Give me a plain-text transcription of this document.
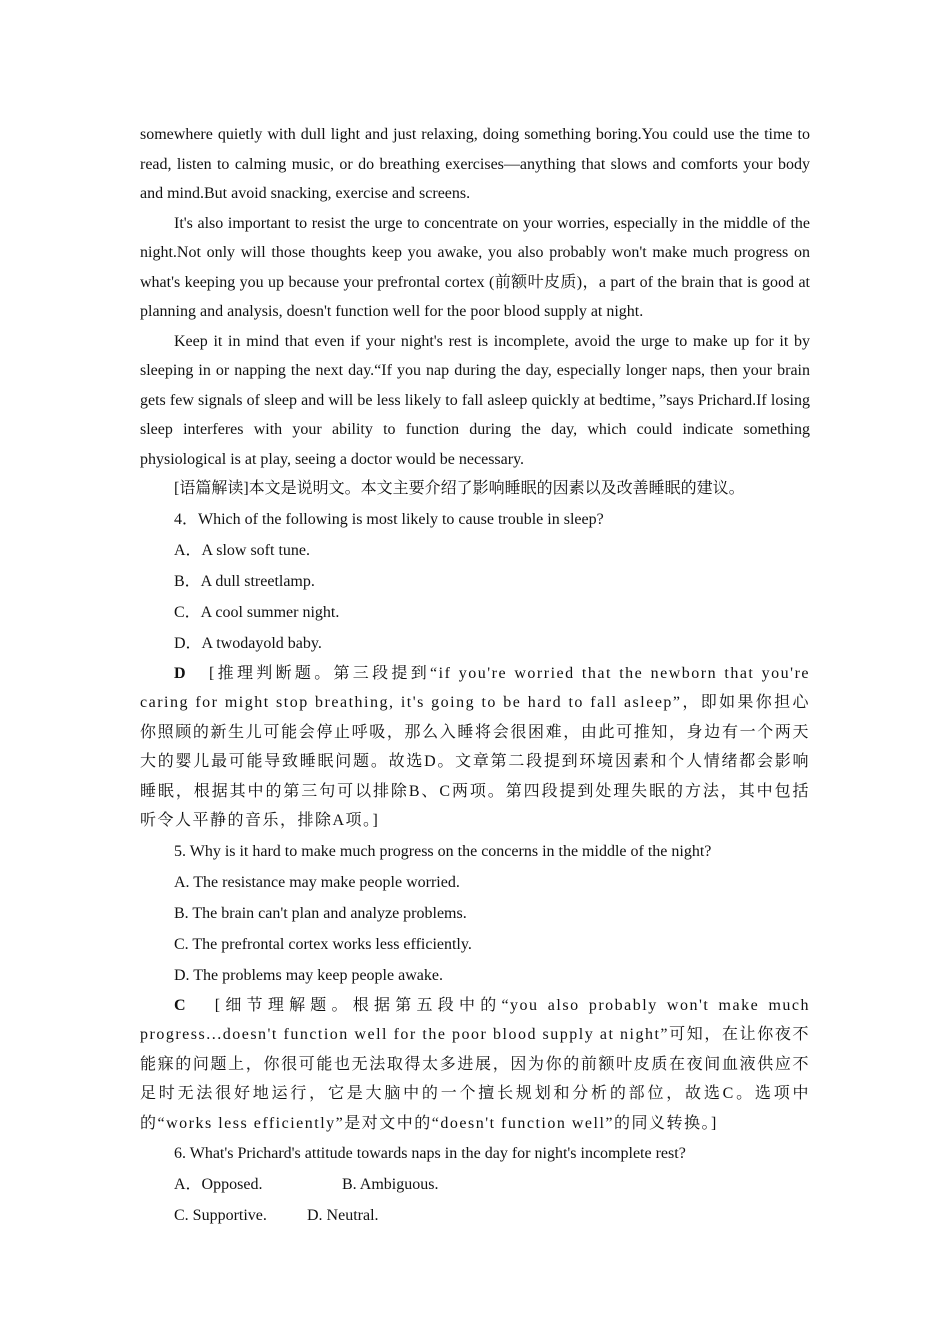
somewhere quietly with dull light and just relaxing, doing something boring.You could use the time to read, listen to calming music, or do breathing exercises—anything that slows and comforts your body and mind.But avoid snacking, exercise and screens.

It's also important to resist the urge to concentrate on your worries, especially in the middle of the night.Not only will those thoughts keep you awake, you also probably won't make much progress on what's keeping you up because your prefrontal cortex (前额叶皮质)，a part of the brain that is good at planning and analysis, doesn't function well for the poor blood supply at night.

Keep it in mind that even if your night's rest is incomplete, avoid the urge to make up for it by sleeping in or napping the next day.“If you nap during the day, especially longer naps, then your brain gets few signals of sleep and will be less likely to fall asleep quickly at bedtime，”says Prichard.If losing sleep interferes with your ability to function during the day, which could indicate something physiological is at play, seeing a doctor would be necessary.

[语篇解读]本文是说明文。本文主要介绍了影响睡眠的因素以及改善睡眠的建议。

4．Which of the following is most likely to cause trouble in sleep?

A．A slow soft tune.

B．A dull streetlamp.

C．A cool summer night.

D．A twodayold baby.

D [推理判断题。第三段提到“if you're worried that the newborn that you're caring for might stop breathing, it's going to be hard to fall asleep”，即如果你担心你照顾的新生儿可能会停止呼吸，那么入睡将会很困难，由此可推知，身边有一个两天大的婴儿最可能导致睡眠问题。故选D。文章第二段提到环境因素和个人情绪都会影响睡眠，根据其中的第三句可以排除B、C两项。第四段提到处理失眠的方法，其中包括听令人平静的音乐，排除A项。]

5. Why is it hard to make much progress on the concerns in the middle of the night?

A. The resistance may make people worried.

B. The brain can't plan and analyze problems.

C. The prefrontal cortex works less efficiently.

D. The problems may keep people awake.

C [细节理解题。根据第五段中的“you also probably won't make much progress...doesn't function well for the poor blood supply at night”可知，在让你夜不能寐的问题上，你很可能也无法取得太多进展，因为你的前额叶皮质在夜间血液供应不足时无法很好地运行，它是大脑中的一个擅长规划和分析的部位，故选C。选项中的“works less efficiently”是对文中的“doesn't function well”的同义转换。]

6. What's Prichard's attitude towards naps in the day for night's incomplete rest?

A．Opposed.	B. Ambiguous.
C. Supportive.	D. Neutral.
